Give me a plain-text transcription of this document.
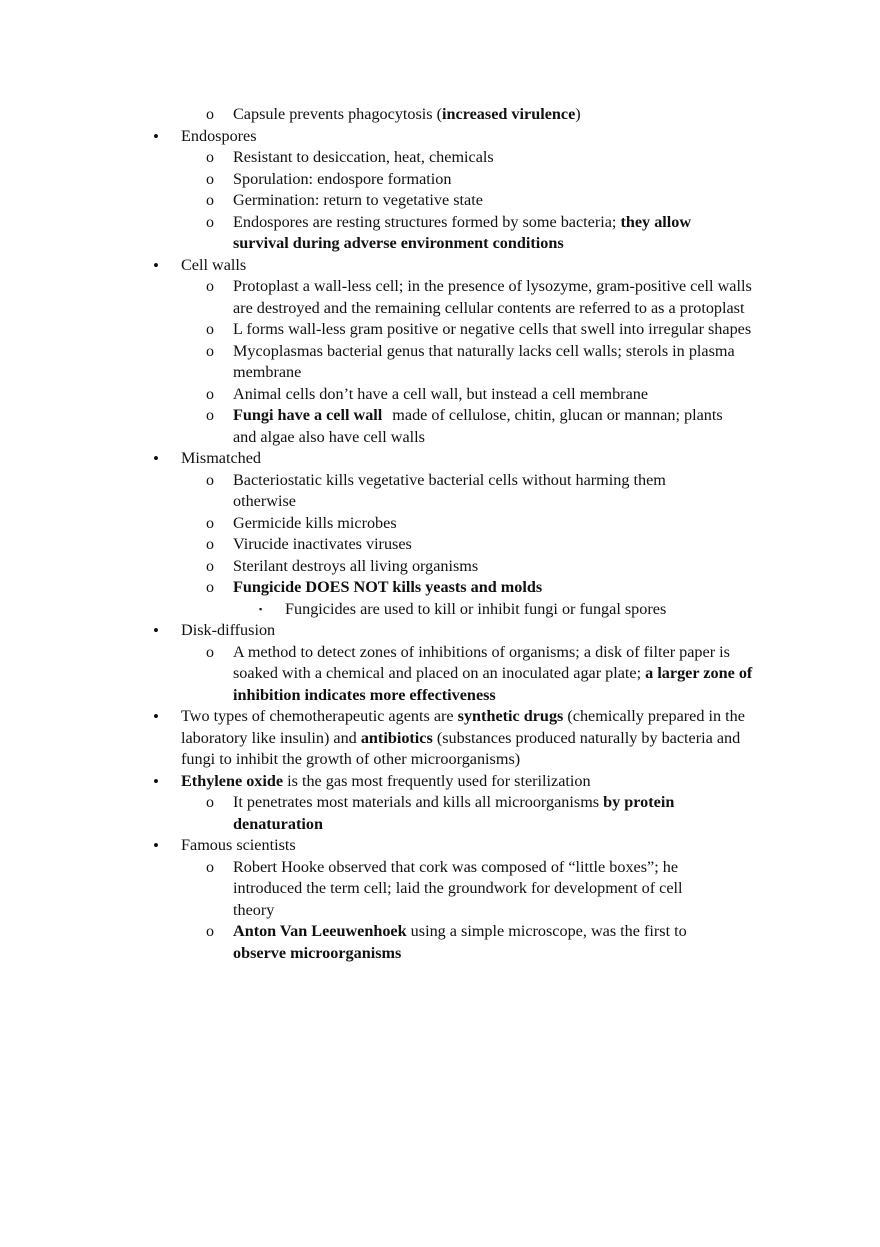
o Capsule prevents phagocytosis (increased virulence)
• Endospores
o Resistant to desiccation, heat, chemicals
o Sporulation: endospore formation
o Germination: return to vegetative state
o Endospores are resting structures formed by some bacteria; they allow survival during adverse environment conditions
• Cell walls
o Protoplast a wall-less cell; in the presence of lysozyme, gram-positive cell walls are destroyed and the remaining cellular contents are referred to as a protoplast
o L forms wall-less gram positive or negative cells that swell into irregular shapes
o Mycoplasmas bacterial genus that naturally lacks cell walls; sterols in plasma membrane
o Animal cells don’t have a cell wall, but instead a cell membrane
o Fungi have a cell wall made of cellulose, chitin, glucan or mannan; plants and algae also have cell walls
• Mismatched
o Bacteriostatic kills vegetative bacterial cells without harming them otherwise
o Germicide kills microbes
o Virucide inactivates viruses
o Sterilant destroys all living organisms
o Fungicide DOES NOT kills yeasts and molds
▪ Fungicides are used to kill or inhibit fungi or fungal spores
• Disk-diffusion
o A method to detect zones of inhibitions of organisms; a disk of filter paper is soaked with a chemical and placed on an inoculated agar plate; a larger zone of inhibition indicates more effectiveness
• Two types of chemotherapeutic agents are synthetic drugs (chemically prepared in the laboratory like insulin) and antibiotics (substances produced naturally by bacteria and fungi to inhibit the growth of other microorganisms)
• Ethylene oxide is the gas most frequently used for sterilization
o It penetrates most materials and kills all microorganisms by protein denaturation
• Famous scientists
o Robert Hooke observed that cork was composed of “little boxes”; he introduced the term cell; laid the groundwork for development of cell theory
o Anton Van Leeuwenhoek using a simple microscope, was the first to observe microorganisms
